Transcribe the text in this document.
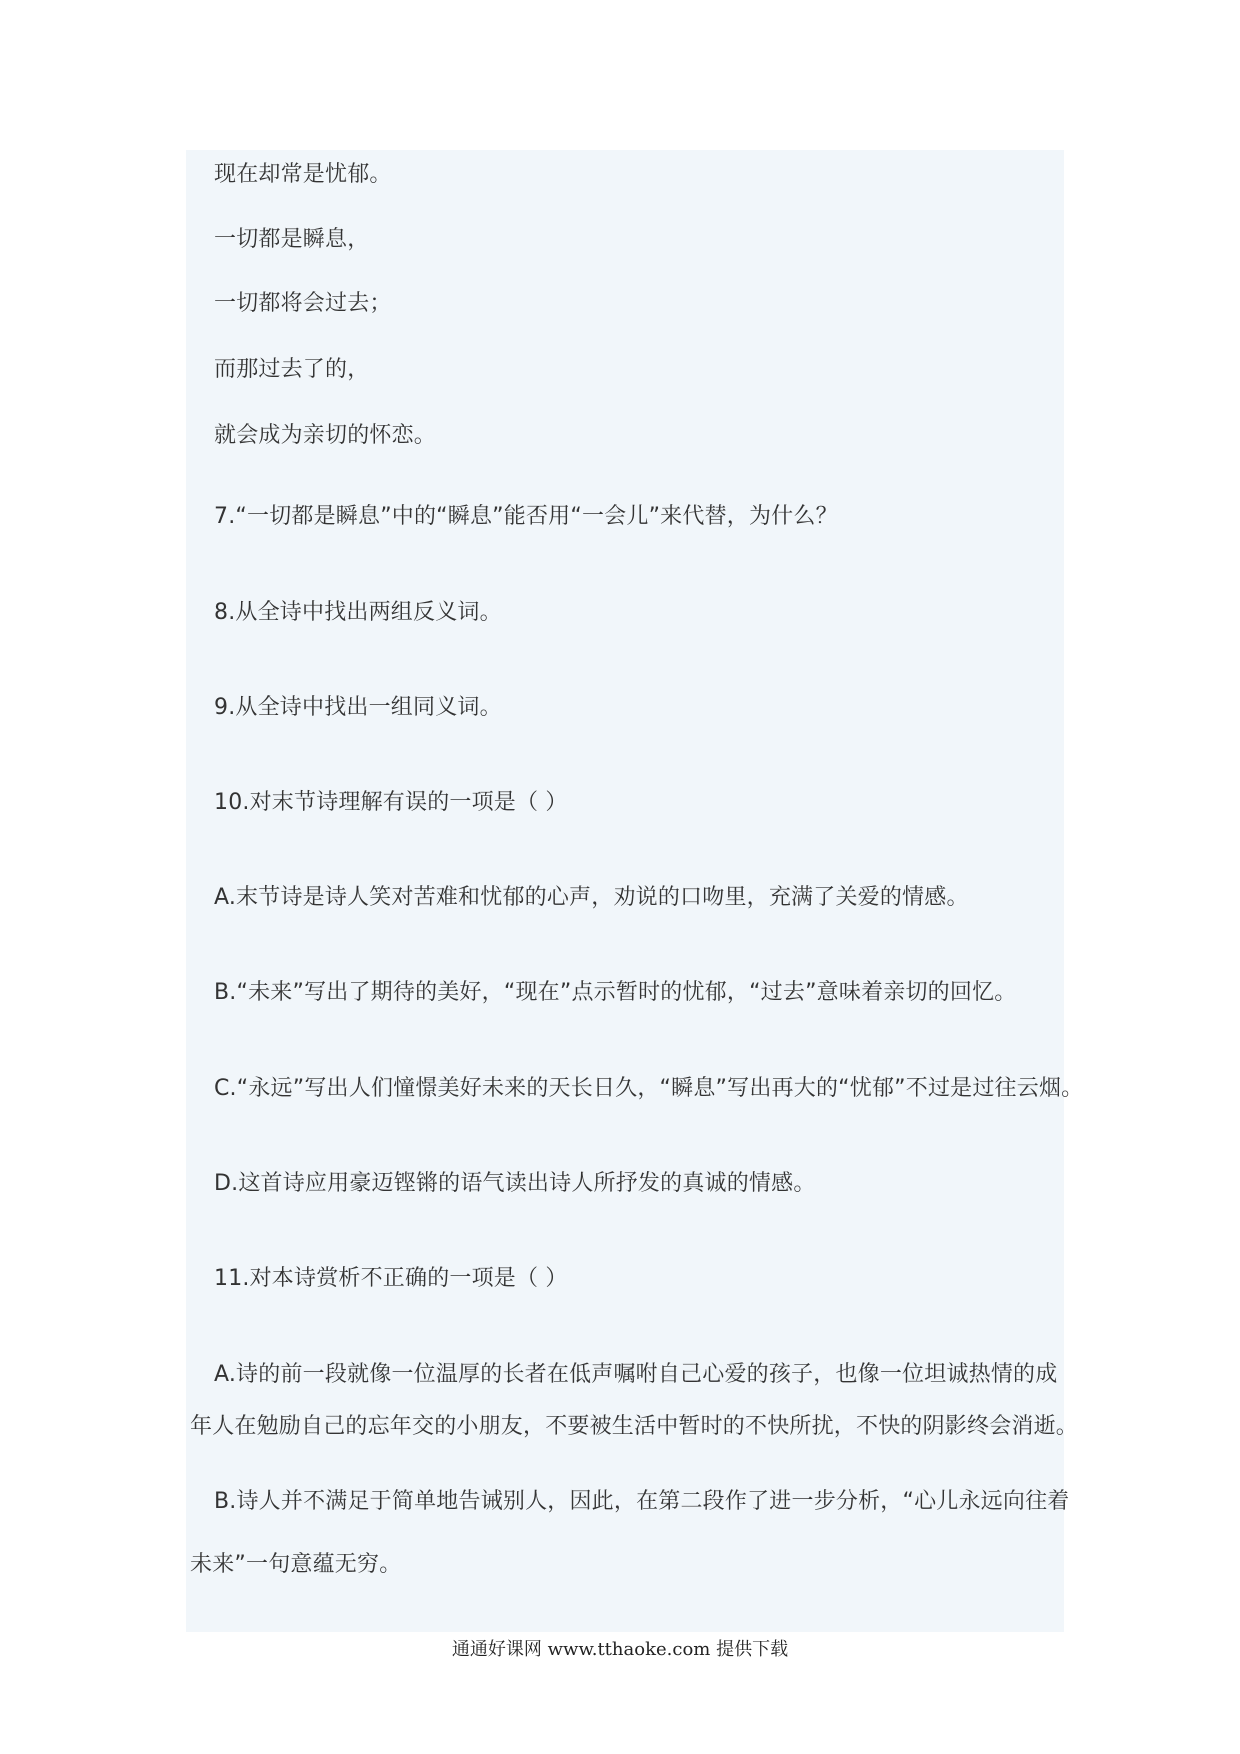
现在却常是忧郁。
一切都是瞬息，
一切都将会过去；
而那过去了的，
就会成为亲切的怀恋。
7.“一切都是瞬息”中的“瞬息”能否用“一会儿”来代替，为什么？
8.从全诗中找出两组反义词。
9.从全诗中找出一组同义词。
10.对末节诗理解有误的一项是（ ）
A.末节诗是诗人笑对苦难和忧郁的心声，劝说的口吻里，充满了关爱的情感。
B.“未来”写出了期待的美好，“现在”点示暂时的忧郁，“过去”意味着亲切的回忆。
C.“永远”写出人们憧憬美好未来的天长日久，“瞬息”写出再大的“忧郁”不过是过往云烟。
D.这首诗应用豪迈铿锵的语气读出诗人所抒发的真诚的情感。
11.对本诗赏析不正确的一项是（ ）
A.诗的前一段就像一位温厚的长者在低声嘱咐自己心爱的孩子，也像一位坦诚热情的成
年人在勉励自己的忘年交的小朋友，不要被生活中暂时的不快所扰，不快的阴影终会消逝。
B.诗人并不满足于简单地告诫别人，因此，在第二段作了进一步分析，“心儿永远向往着
未来”一句意蕴无穷。
通通好课网 www.tthaoke.com 提供下载
